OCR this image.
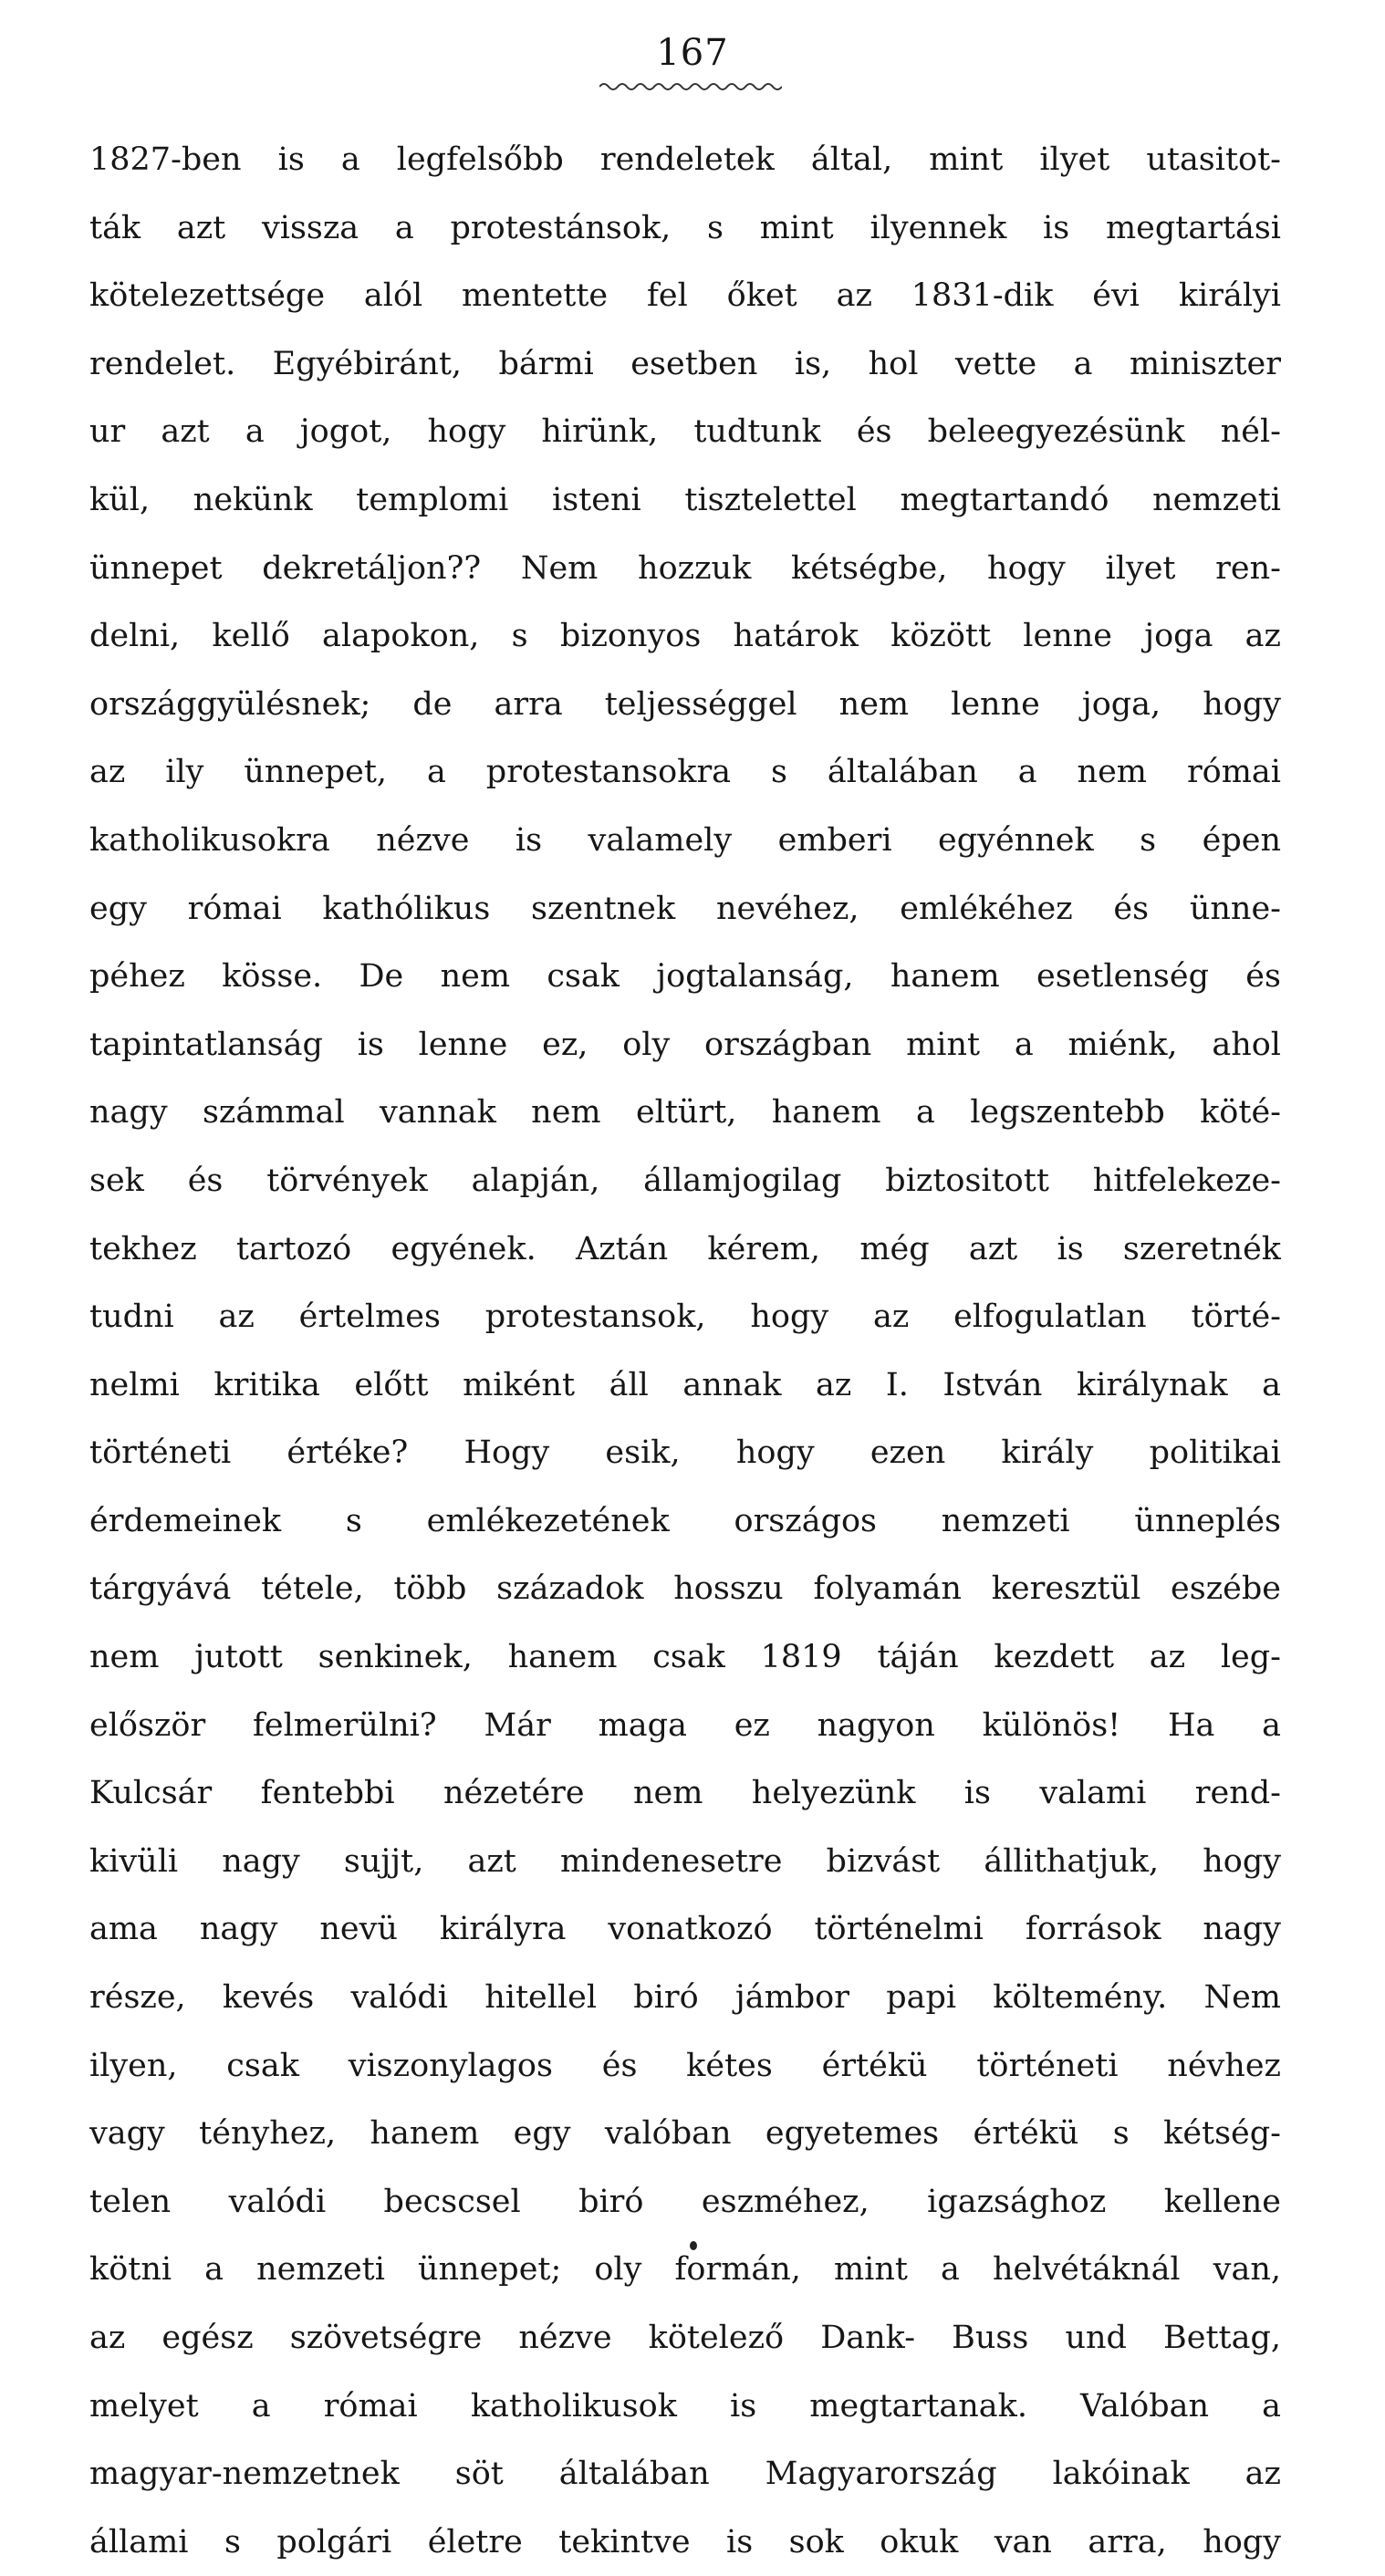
167
1827-ben is a legfelsőbb rendeletek által, mint ilyet utasitot-
ták azt vissza a protestánsok, s mint ilyennek is megtartási
kötelezettsége alól mentette fel őket az 1831-dik évi királyi
rendelet. Egyébiránt, bármi esetben is, hol vette a miniszter
ur azt a jogot, hogy hirünk, tudtunk és beleegyezésünk nél-
kül, nekünk templomi isteni tisztelettel megtartandó nemzeti
ünnepet dekretáljon?? Nem hozzuk kétségbe, hogy ilyet ren-
delni, kellő alapokon, s bizonyos határok között lenne joga az
országgyülésnek; de arra teljességgel nem lenne joga, hogy
az ily ünnepet, a protestansokra s általában a nem római
katholikusokra nézve is valamely emberi egyénnek s épen
egy római kathólikus szentnek nevéhez, emlékéhez és ünne-
péhez kösse. De nem csak jogtalanság, hanem esetlenség és
tapintatlanság is lenne ez, oly országban mint a miénk, ahol
nagy számmal vannak nem eltürt, hanem a legszentebb köté-
sek és törvények alapján, államjogilag biztositott hitfelekeze-
tekhez tartozó egyének. Aztán kérem, még azt is szeretnék
tudni az értelmes protestansok, hogy az elfogulatlan törté-
nelmi kritika előtt miként áll annak az I. István királynak a
történeti értéke? Hogy esik, hogy ezen király politikai
érdemeinek s emlékezetének országos nemzeti ünneplés
tárgyává tétele, több századok hosszu folyamán keresztül eszébe
nem jutott senkinek, hanem csak 1819 táján kezdett az leg-
először felmerülni? Már maga ez nagyon különös! Ha a
Kulcsár fentebbi nézetére nem helyezünk is valami rend-
kivüli nagy sujjt, azt mindenesetre bizvást állithatjuk, hogy
ama nagy nevü királyra vonatkozó történelmi források nagy
része, kevés valódi hitellel biró jámbor papi költemény. Nem
ilyen, csak viszonylagos és kétes értékü történeti névhez
vagy tényhez, hanem egy valóban egyetemes értékü s kétség-
telen valódi becscsel biró eszméhez, igazsághoz kellene
kötni a nemzeti ünnepet; oly formán, mint a helvétáknál van,
az egész szövetségre nézve kötelező Dank- Buss und Bettag,
melyet a római katholikusok is megtartanak. Valóban a
magyar-nemzetnek söt általában Magyarország lakóinak az
állami s polgári életre tekintve is sok okuk van arra, hogy
